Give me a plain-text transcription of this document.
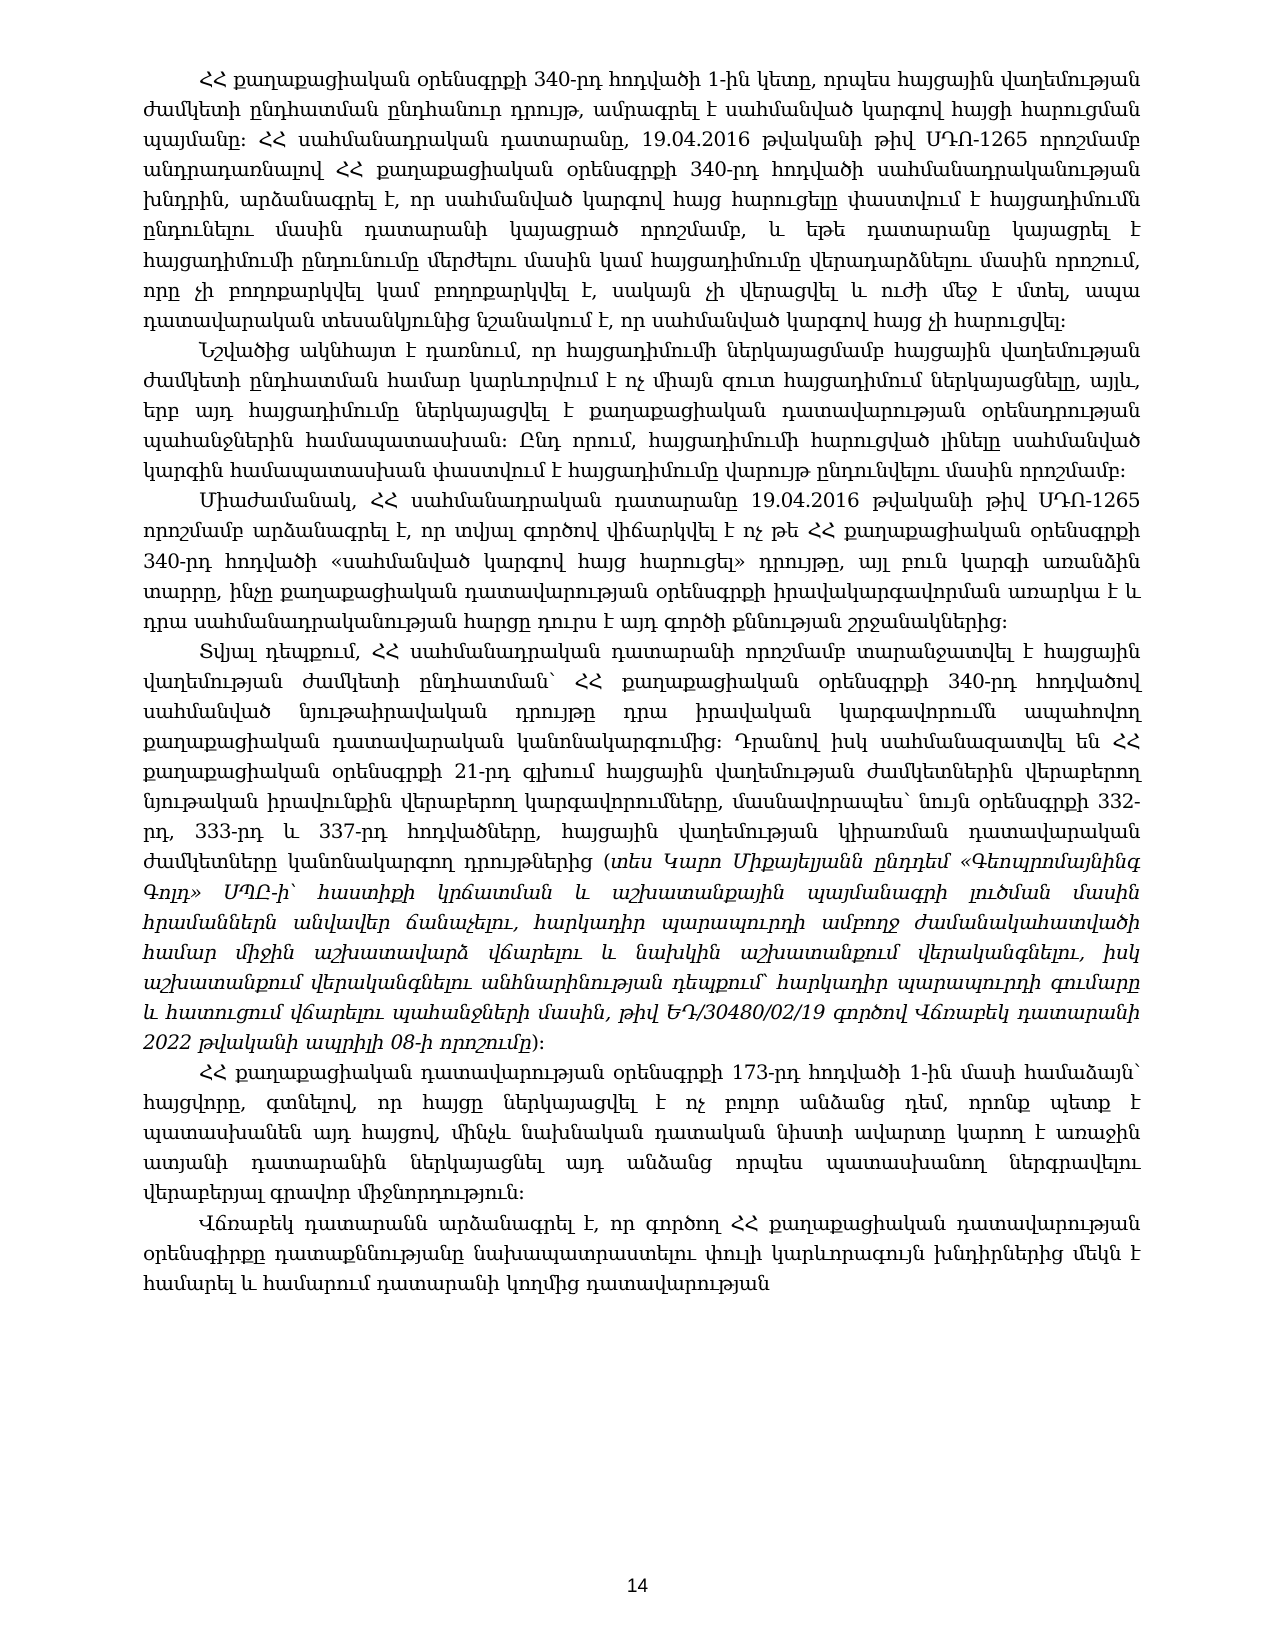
ՀՀ քաղաքացիական օրենսգրքի 340-րդ հոդվածի 1-ին կետը, որպես հայցային վաղեմության ժամկետի ընդհատման ընդհանուր դրույթ, ամրագրել է սահմանված կարգով հայցի հարուցման պայմանը: ՀՀ սահմանադրական դատարանը, 19.04.2016 թվականի թիվ ՍԴՈ-1265 որոշմամբ անդրադառնալով ՀՀ քաղաքացիական օրենսգրքի 340-րդ հոդվածի սահմանադրականության խնդրին, արձանագրել է, որ սահմանված կարգով հայց հարուցելը փաստվում է հայցադիմումն ընդունելու մասին դատարանի կայացրած որոշմամբ, և եթե դատարանը կայացրել է հայցադիմումի ընդունումը մերժելու մասին կամ հայցադիմումը վերադարձնելու մասին որոշում, որը չի բողոքարկվել կամ բողոքարկվել է, սակայն չի վերացվել և ուժի մեջ է մտել, ապա դատավարական տեսանկյունից նշանակում է, որ սահմանված կարգով հայց չի հարուցվել:

Նշվածից ակնհայտ է դառնում, որ հայցադիմումի ներկայացմամբ հայցային վաղեմության ժամկետի ընդհատման համար կարևորվում է ոչ միայն զուտ հայցադիմում ներկայացնելը, այլև, երբ այդ հայցադիմումը ներկայացվել է քաղաքացիական դատավարության օրենսդրության պահանջներին համապատասխան: Ընդ որում, հայցադիմումի հարուցված լինելը սահմանված կարգին համապատասխան փաստվում է հայցադիմումը վարույթ ընդունվելու մասին որոշմամբ:

Միաժամանակ, ՀՀ սահմանադրական դատարանը 19.04.2016 թվականի թիվ ՍԴՈ-1265 որոշմամբ արձանագրել է, որ տվյալ գործով վիճարկվել է ոչ թե ՀՀ քաղաքացիական օրենսգրքի 340-րդ հոդվածի «սահմանված կարգով հայց հարուցել» դրույթը, այլ բուն կարգի առանձին տարրը, ինչը քաղաքացիական դատավարության օրենսգրքի իրավակարգավորման առարկա է և դրա սահմանադրականության հարցը դուրս է այդ գործի քննության շրջանակներից:

Տվյալ դեպքում, ՀՀ սահմանադրական դատարանի որոշմամբ տարանջատվել է հայցային վաղեմության ժամկետի ընդհատման՝ ՀՀ քաղաքացիական օրենսգրքի 340-րդ հոդվածով սահմանված նյութաիրավական դրույթը դրա իրավական կարգավորումն ապահովող քաղաքացիական դատավարական կանոնակարգումից: Դրանով իսկ սահմանազատվել են ՀՀ քաղաքացիական օրենսգրքի 21-րդ գլխում հայցային վաղեմության ժամկետներին վերաբերող նյութական իրավունքին վերաբերող կարգավորումները, մասնավորապես՝ նույն օրենսգրքի 332-րդ, 333-րդ և 337-րդ հոդվածները, հայցային վաղեմության կիրառման դատավարական ժամկետները կանոնակարգող դրույթներից (տես Կարո Միքայելյանն ընդդեմ «Գեոպրոմայնինգ Գոլդ» ՍՊԸ-ի՝ հաստիքի կրճատման և աշխատանքային պայմանագրի լուծման մասին հրամաններն անվավեր ճանաչելու, հարկադիր պարապուրդի ամբողջ ժամանակահատվածի համար միջին աշխատավարձ վճարելու և նախկին աշխատանքում վերականգնելու, իսկ աշխատանքում վերականգնելու անհնարինության դեպքում՝ հարկադիր պարապուրդի գումարը և հատուցում վճարելու պահանջների մասին, թիվ ԵԴ/30480/02/19 գործով Վճռաբեկ դատարանի 2022 թվականի ապրիլի 08-ի որոշումը):

ՀՀ քաղաքացիական դատավարության օրենսգրքի 173-րդ հոդվածի 1-ին մասի համաձայն՝ հայցվորը, գտնելով, որ հայցը ներկայացվել է ոչ բոլոր անձանց դեմ, որոնք պետք է պատասխանեն այդ հայցով, մինչև նախնական դատական նիստի ավարտը կարող է առաջին ատյանի դատարանին ներկայացնել այդ անձանց որպես պատասխանող ներգրավելու վերաբերյալ գրավոր միջնորդություն:

Վճռաբեկ դատարանն արձանագրել է, որ գործող ՀՀ քաղաքացիական դատավարության օրենսգիրքը դատաքննությանը նախապատրաստելու փուլի կարևորագույն խնդիրներից մեկն է համարել և համարում դատարանի կողմից դատավարության

14
